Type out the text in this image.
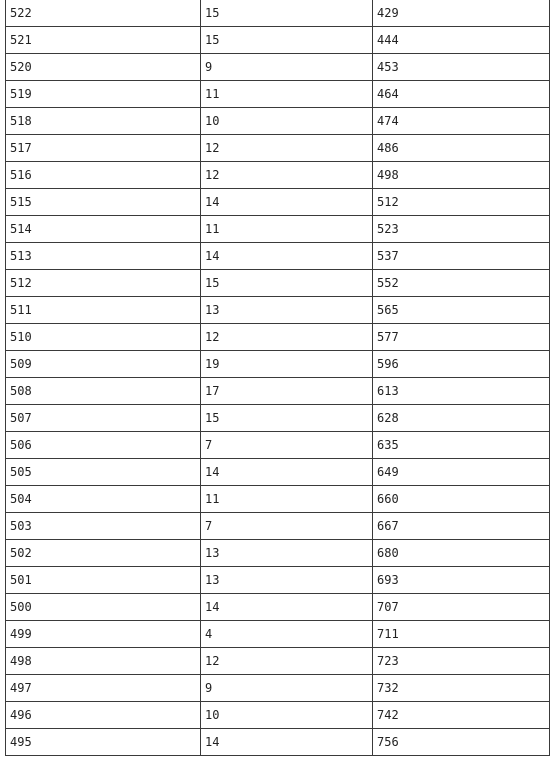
522	15	429
521	15	444
520	9	453
519	11	464
518	10	474
517	12	486
516	12	498
515	14	512
514	11	523
513	14	537
512	15	552
511	13	565
510	12	577
509	19	596
508	17	613
507	15	628
506	7	635
505	14	649
504	11	660
503	7	667
502	13	680
501	13	693
500	14	707
499	4	711
498	12	723
497	9	732
496	10	742
495	14	756
